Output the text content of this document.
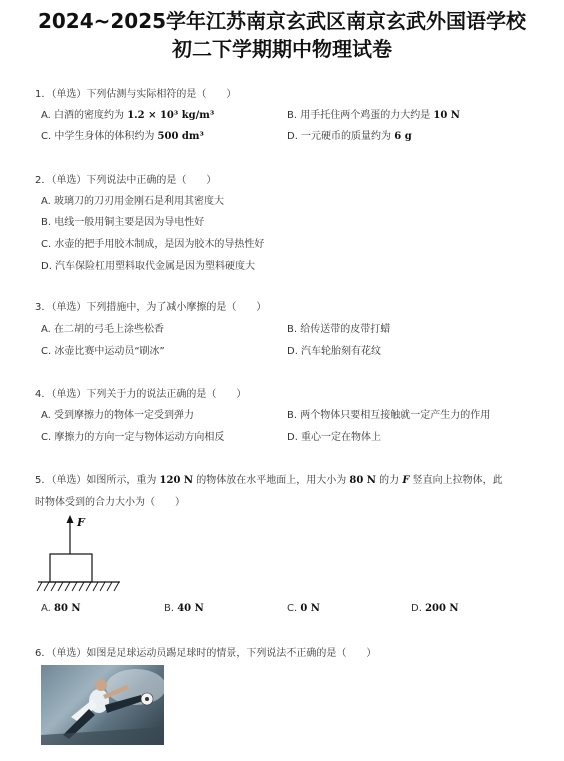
2024~2025学年江苏南京玄武区南京玄武外国语学校
初二下学期期中物理试卷
1．（单选）下列估测与实际相符的是（　　）
A. 白酒的密度约为 1.2 × 10³ kg/m³	B. 用手托住两个鸡蛋的力大约是 10 N
C. 中学生身体的体积约为 500 dm³	D. 一元硬币的质量约为 6 g
2．（单选）下列说法中正确的是（　　）
A. 玻璃刀的刀刃用金刚石是利用其密度大
B. 电线一般用铜主要是因为导电性好
C. 水壶的把手用胶木制成，是因为胶木的导热性好
D. 汽车保险杠用塑料取代金属是因为塑料硬度大
3．（单选）下列措施中，为了减小摩擦的是（　　）
A. 在二胡的弓毛上涂些松香	B. 给传送带的皮带打蜡
C. 冰壶比赛中运动员“刷冰”	D. 汽车轮胎刻有花纹
4．（单选）下列关于力的说法正确的是（　　）
A. 受到摩擦力的物体一定受到弹力	B. 两个物体只要相互接触就一定产生力的作用
C. 摩擦力的方向一定与物体运动方向相反	D. 重心一定在物体上
5．（单选）如图所示，重为 120 N 的物体放在水平地面上，用大小为 80 N 的力 F 竖直向上拉物体，此
时物体受到的合力大小为（　　）
F
A. 80 N	B. 40 N	C. 0 N	D. 200 N
6．（单选）如图是足球运动员踢足球时的情景，下列说法不正确的是（　　）
